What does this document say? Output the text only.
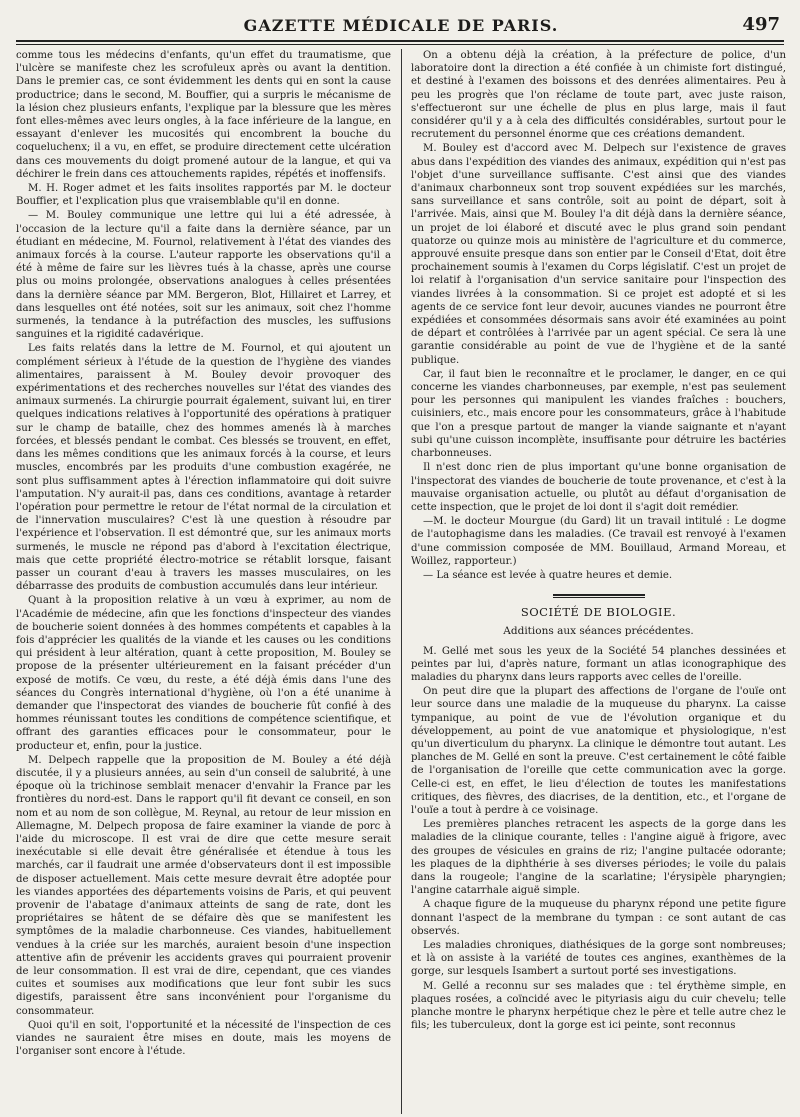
GAZETTE MÉDICALE DE PARIS.	497

comme tous les médecins d'enfants, qu'un effet du traumatisme, que l'ulcère se manifeste chez les scrofuleux après ou avant la dentition. Dans le premier cas, ce sont évidemment les dents qui en sont la cause productrice; dans le second, M. Bouffier, qui a surpris le mécanisme de la lésion chez plusieurs enfants, l'explique par la blessure que les mères font elles-mêmes avec leurs ongles, à la face inférieure de la langue, en essayant d'enlever les mucosités qui encombrent la bouche du coqueluchenx; il a vu, en effet, se produire directement cette ulcération dans ces mouvements du doigt promené autour de la langue, et qui va déchirer le frein dans ces attouchements rapides, répétés et inoffensifs.

M. H. Roger admet et les faits insolites rapportés par M. le docteur Bouffier, et l'explication plus que vraisemblable qu'il en donne.

— M. Bouley communique une lettre qui lui a été adressée, à l'occasion de la lecture qu'il a faite dans la dernière séance, par un étudiant en médecine, M. Fournol, relativement à l'état des viandes des animaux forcés à la course. L'auteur rapporte les observations qu'il a été à même de faire sur les lièvres tués à la chasse, après une course plus ou moins prolongée, observations analogues à celles présentées dans la dernière séance par MM. Bergeron, Blot, Hillairet et Larrey, et dans lesquelles ont été notées, soit sur les animaux, soit chez l'homme surmenés, la tendance à la putréfaction des muscles, les suffusions sanguines et la rigidité cadavérique.

Les faits relatés dans la lettre de M. Fournol, et qui ajoutent un complément sérieux à l'étude de la question de l'hygiène des viandes alimentaires, paraissent à M. Bouley devoir provoquer des expérimentations et des recherches nouvelles sur l'état des viandes des animaux surmenés. La chirurgie pourrait également, suivant lui, en tirer quelques indications relatives à l'opportunité des opérations à pratiquer sur le champ de bataille, chez des hommes amenés là à marches forcées, et blessés pendant le combat. Ces blessés se trouvent, en effet, dans les mêmes conditions que les animaux forcés à la course, et leurs muscles, encombrés par les produits d'une combustion exagérée, ne sont plus suffisamment aptes à l'érection inflammatoire qui doit suivre l'amputation. N'y aurait-il pas, dans ces conditions, avantage à retarder l'opération pour permettre le retour de l'état normal de la circulation et de l'innervation musculaires? C'est là une question à résoudre par l'expérience et l'observation. Il est démontré que, sur les animaux morts surmenés, le muscle ne répond pas d'abord à l'excitation électrique, mais que cette propriété électro-motrice se rétablit lorsque, faisant passer un courant d'eau à travers les masses musculaires, on les débarrasse des produits de combustion accumulés dans leur intérieur.

Quant à la proposition relative à un vœu à exprimer, au nom de l'Académie de médecine, afin que les fonctions d'inspecteur des viandes de boucherie soient données à des hommes compétents et capables à la fois d'apprécier les qualités de la viande et les causes ou les conditions qui président à leur altération, quant à cette proposition, M. Bouley se propose de la présenter ultérieurement en la faisant précéder d'un exposé de motifs. Ce vœu, du reste, a été déjà émis dans l'une des séances du Congrès international d'hygiène, où l'on a été unanime à demander que l'inspectorat des viandes de boucherie fût confié à des hommes réunissant toutes les conditions de compétence scientifique, et offrant des garanties efficaces pour le consommateur, pour le producteur et, enfin, pour la justice.

M. Delpech rappelle que la proposition de M. Bouley a été déjà discutée, il y a plusieurs années, au sein d'un conseil de salubrité, à une époque où la trichinose semblait menacer d'envahir la France par les frontières du nord-est. Dans le rapport qu'il fit devant ce conseil, en son nom et au nom de son collègue, M. Reynal, au retour de leur mission en Allemagne, M. Delpech proposa de faire examiner la viande de porc à l'aide du microscope. Il est vrai de dire que cette mesure serait inexécutable si elle devait être généralisée et étendue à tous les marchés, car il faudrait une armée d'observateurs dont il est impossible de disposer actuellement. Mais cette mesure devrait être adoptée pour les viandes apportées des départements voisins de Paris, et qui peuvent provenir de l'abatage d'animaux atteints de sang de rate, dont les propriétaires se hâtent de se défaire dès que se manifestent les symptômes de la maladie charbonneuse. Ces viandes, habituellement vendues à la criée sur les marchés, auraient besoin d'une inspection attentive afin de prévenir les accidents graves qui pourraient provenir de leur consommation. Il est vrai de dire, cependant, que ces viandes cuites et soumises aux modifications que leur font subir les sucs digestifs, paraissent être sans inconvénient pour l'organisme du consommateur.

Quoi qu'il en soit, l'opportunité et la nécessité de l'inspection de ces viandes ne sauraient être mises en doute, mais les moyens de l'organiser sont encore à l'étude.

On a obtenu déjà la création, à la préfecture de police, d'un laboratoire dont la direction a été confiée à un chimiste fort distingué, et destiné à l'examen des boissons et des denrées alimentaires. Peu à peu les progrès que l'on réclame de toute part, avec juste raison, s'effectueront sur une échelle de plus en plus large, mais il faut considérer qu'il y a à cela des difficultés considérables, surtout pour le recrutement du personnel énorme que ces créations demandent.

M. Bouley est d'accord avec M. Delpech sur l'existence de graves abus dans l'expédition des viandes des animaux, expédition qui n'est pas l'objet d'une surveillance suffisante. C'est ainsi que des viandes d'animaux charbonneux sont trop souvent expédiées sur les marchés, sans surveillance et sans contrôle, soit au point de départ, soit à l'arrivée. Mais, ainsi que M. Bouley l'a dit déjà dans la dernière séance, un projet de loi élaboré et discuté avec le plus grand soin pendant quatorze ou quinze mois au ministère de l'agriculture et du commerce, approuvé ensuite presque dans son entier par le Conseil d'Etat, doit être prochainement soumis à l'examen du Corps législatif. C'est un projet de loi relatif à l'organisation d'un service sanitaire pour l'inspection des viandes livrées à la consommation. Si ce projet est adopté et si les agents de ce service font leur devoir, aucunes viandes ne pourront être expédiées et consommées désormais sans avoir été examinées au point de départ et contrôlées à l'arrivée par un agent spécial. Ce sera là une garantie considérable au point de vue de l'hygiène et de la santé publique.

Car, il faut bien le reconnaître et le proclamer, le danger, en ce qui concerne les viandes charbonneuses, par exemple, n'est pas seulement pour les personnes qui manipulent les viandes fraîches : bouchers, cuisiniers, etc., mais encore pour les consommateurs, grâce à l'habitude que l'on a presque partout de manger la viande saignante et n'ayant subi qu'une cuisson incomplète, insuffisante pour détruire les bactéries charbonneuses.

Il n'est donc rien de plus important qu'une bonne organisation de l'inspectorat des viandes de boucherie de toute provenance, et c'est à la mauvaise organisation actuelle, ou plutôt au défaut d'organisation de cette inspection, que le projet de loi dont il s'agit doit remédier.

—M. le docteur Mourgue (du Gard) lit un travail intitulé : Le dogme de l'autophagisme dans les maladies. (Ce travail est renvoyé à l'examen d'une commission composée de MM. Bouillaud, Armand Moreau, et Woillez, rapporteur.)

— La séance est levée à quatre heures et demie.

SOCIÉTÉ DE BIOLOGIE.
Additions aux séances précédentes.

M. Gellé met sous les yeux de la Société 54 planches dessinées et peintes par lui, d'après nature, formant un atlas iconographique des maladies du pharynx dans leurs rapports avec celles de l'oreille.

On peut dire que la plupart des affections de l'organe de l'ouïe ont leur source dans une maladie de la muqueuse du pharynx. La caisse tympanique, au point de vue de l'évolution organique et du développement, au point de vue anatomique et physiologique, n'est qu'un diverticulum du pharynx. La clinique le démontre tout autant. Les planches de M. Gellé en sont la preuve. C'est certainement le côté faible de l'organisation de l'oreille que cette communication avec la gorge. Celle-ci est, en effet, le lieu d'élection de toutes les manifestations critiques, des fièvres, des diacrises, de la dentition, etc., et l'organe de l'ouïe a tout à perdre à ce voisinage.

Les premières planches retracent les aspects de la gorge dans les maladies de la clinique courante, telles : l'angine aiguë à frigore, avec des groupes de vésicules en grains de riz; l'angine pultacée odorante; les plaques de la diphthérie à ses diverses périodes; le voile du palais dans la rougeole; l'angine de la scarlatine; l'érysipèle pharyngien; l'angine catarrhale aiguë simple.

A chaque figure de la muqueuse du pharynx répond une petite figure donnant l'aspect de la membrane du tympan : ce sont autant de cas observés.

Les maladies chroniques, diathésiques de la gorge sont nombreuses; et là on assiste à la variété de toutes ces angines, exanthèmes de la gorge, sur lesquels Isambert a surtout porté ses investigations.

M. Gellé a reconnu sur ses malades que : tel érythème simple, en plaques rosées, a coïncidé avec le pityriasis aigu du cuir chevelu; telle planche montre le pharynx herpétique chez le père et telle autre chez le fils; les tuberculeux, dont la gorge est ici peinte, sont reconnus
